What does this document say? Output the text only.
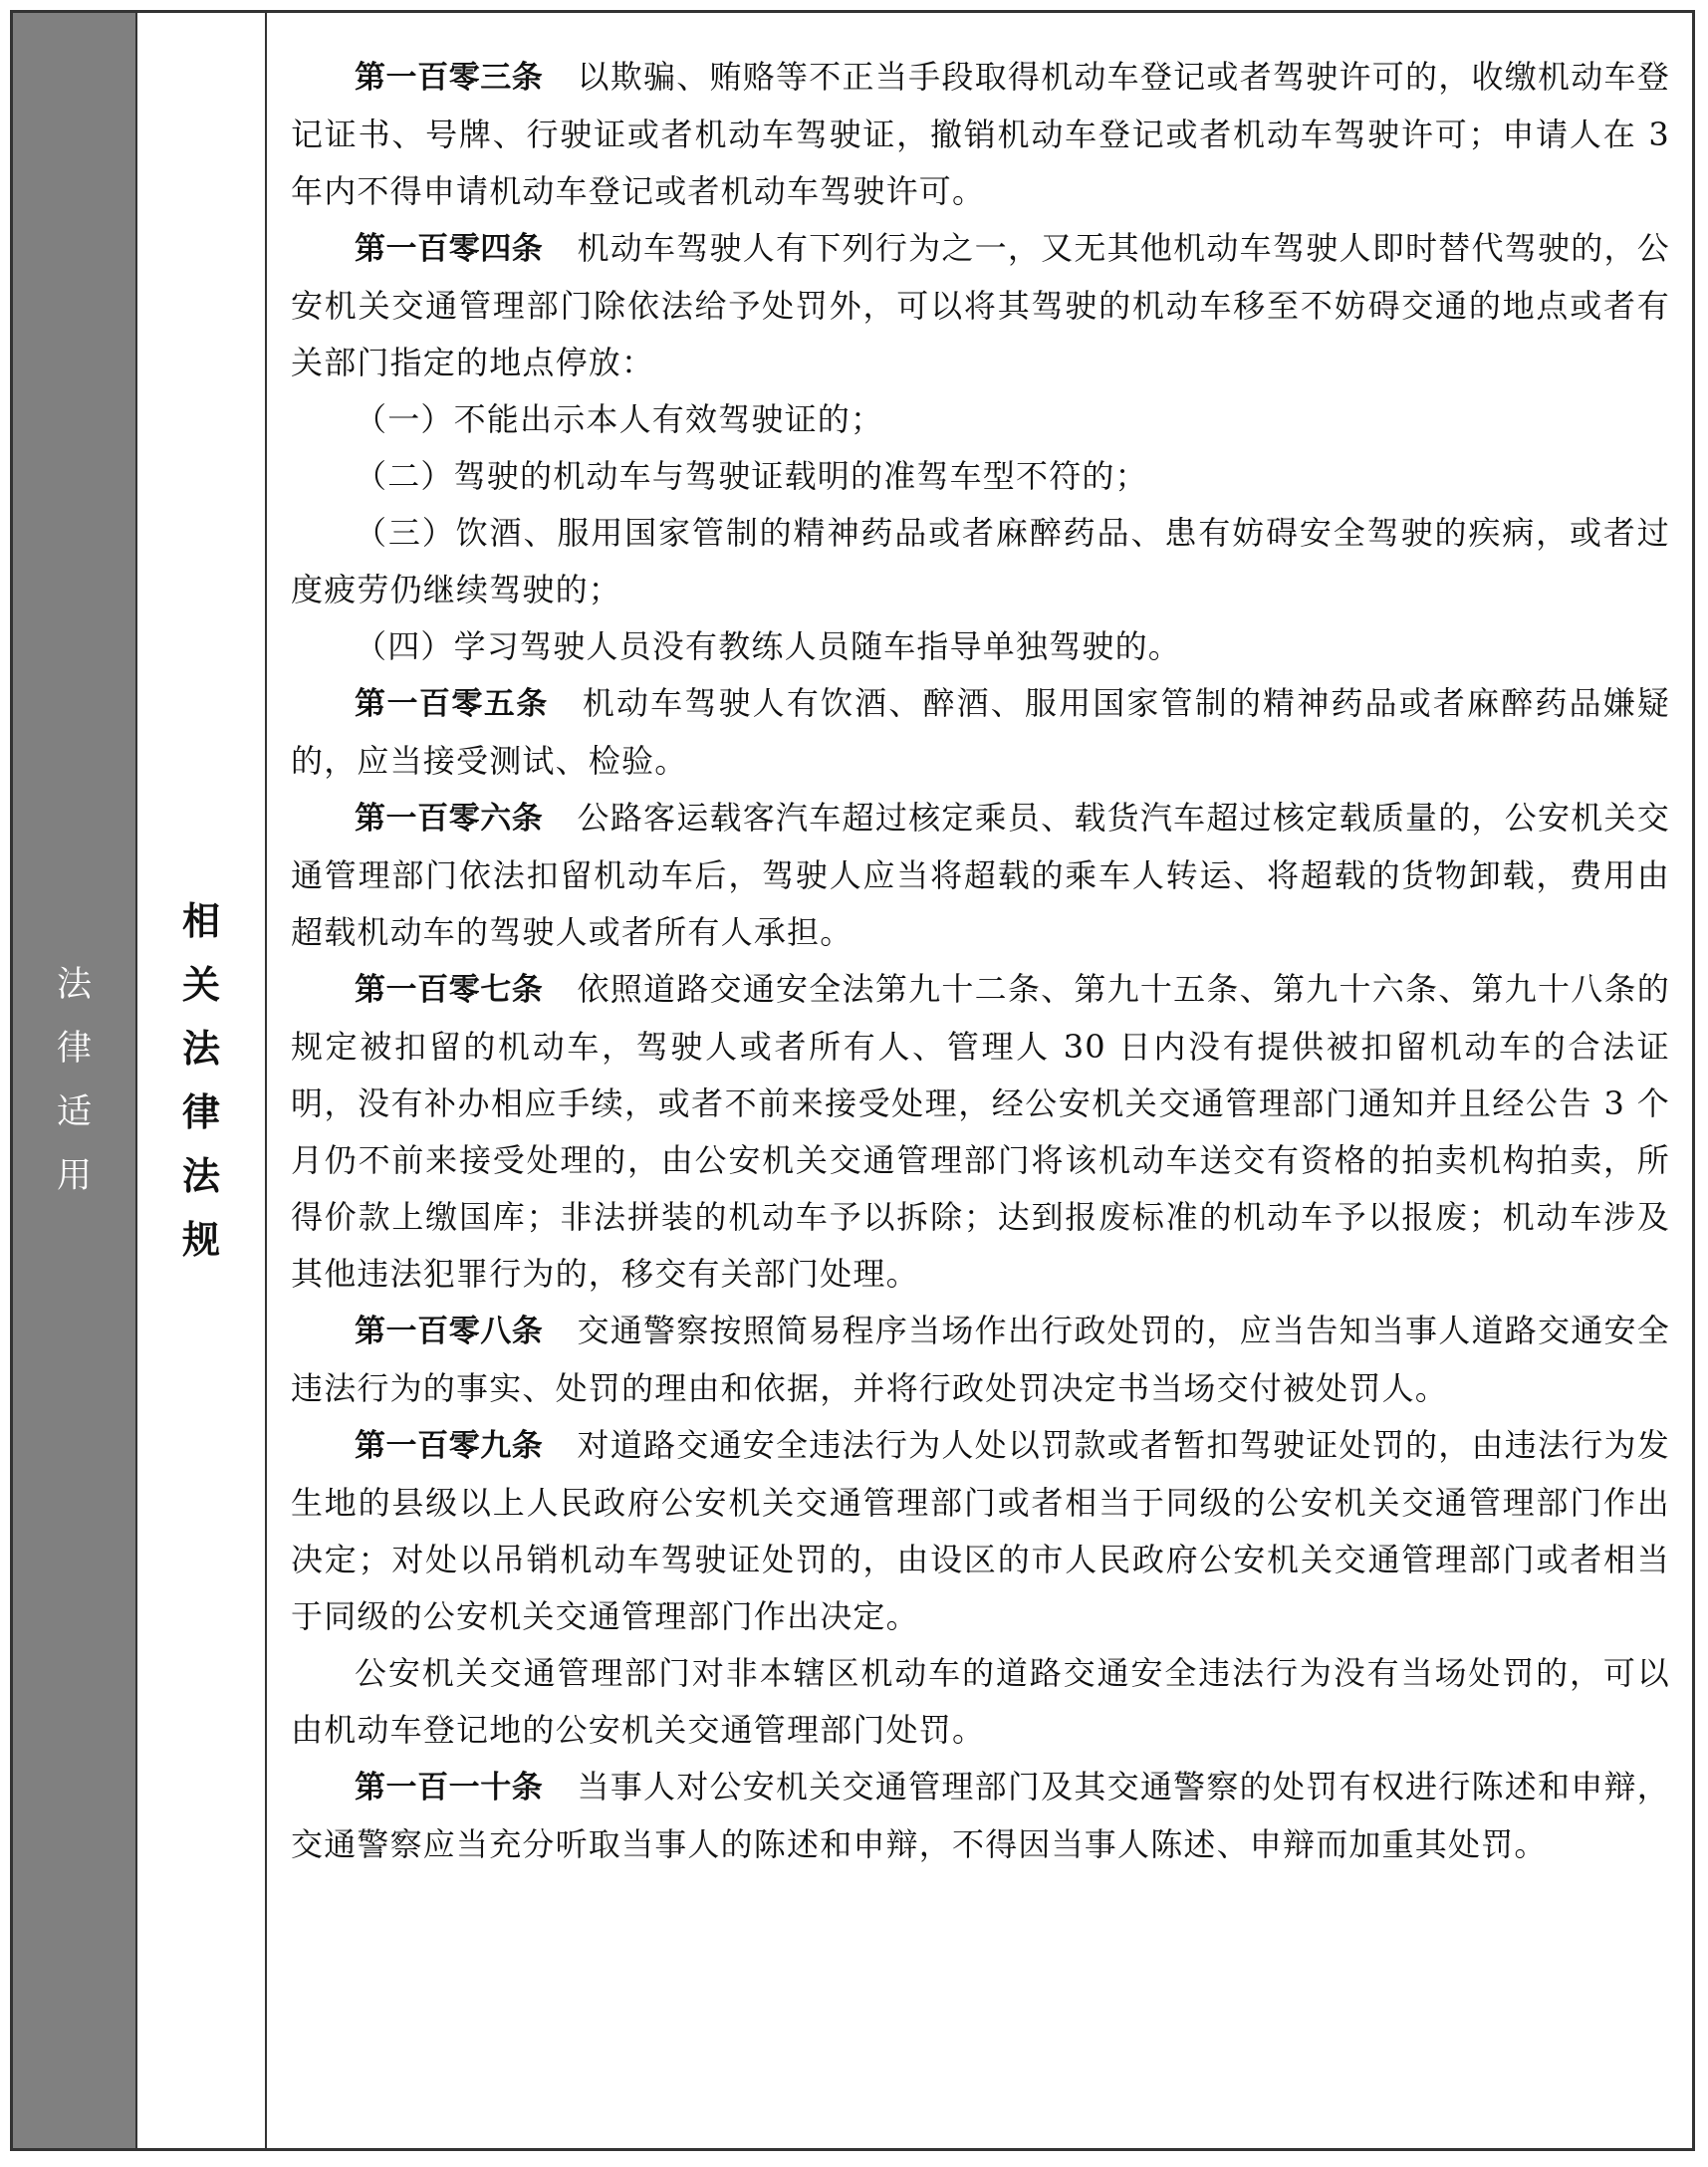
法
律
适
用
相
关
法
律
法
规

第一百零三条 以欺骗、贿赂等不正当手段取得机动车登记或者驾驶许可的，收缴机动车登记证书、号牌、行驶证或者机动车驾驶证，撤销机动车登记或者机动车驾驶许可；申请人在 3 年内不得申请机动车登记或者机动车驾驶许可。

第一百零四条 机动车驾驶人有下列行为之一，又无其他机动车驾驶人即时替代驾驶的，公安机关交通管理部门除依法给予处罚外，可以将其驾驶的机动车移至不妨碍交通的地点或者有关部门指定的地点停放：

（一）不能出示本人有效驾驶证的；

（二）驾驶的机动车与驾驶证载明的准驾车型不符的；

（三）饮酒、服用国家管制的精神药品或者麻醉药品、患有妨碍安全驾驶的疾病，或者过度疲劳仍继续驾驶的；

（四）学习驾驶人员没有教练人员随车指导单独驾驶的。

第一百零五条 机动车驾驶人有饮酒、醉酒、服用国家管制的精神药品或者麻醉药品嫌疑的，应当接受测试、检验。

第一百零六条 公路客运载客汽车超过核定乘员、载货汽车超过核定载质量的，公安机关交通管理部门依法扣留机动车后，驾驶人应当将超载的乘车人转运、将超载的货物卸载，费用由超载机动车的驾驶人或者所有人承担。

第一百零七条 依照道路交通安全法第九十二条、第九十五条、第九十六条、第九十八条的规定被扣留的机动车，驾驶人或者所有人、管理人 30 日内没有提供被扣留机动车的合法证明，没有补办相应手续，或者不前来接受处理，经公安机关交通管理部门通知并且经公告 3 个月仍不前来接受处理的，由公安机关交通管理部门将该机动车送交有资格的拍卖机构拍卖，所得价款上缴国库；非法拼装的机动车予以拆除；达到报废标准的机动车予以报废；机动车涉及其他违法犯罪行为的，移交有关部门处理。

第一百零八条 交通警察按照简易程序当场作出行政处罚的，应当告知当事人道路交通安全违法行为的事实、处罚的理由和依据，并将行政处罚决定书当场交付被处罚人。

第一百零九条 对道路交通安全违法行为人处以罚款或者暂扣驾驶证处罚的，由违法行为发生地的县级以上人民政府公安机关交通管理部门或者相当于同级的公安机关交通管理部门作出决定；对处以吊销机动车驾驶证处罚的，由设区的市人民政府公安机关交通管理部门或者相当于同级的公安机关交通管理部门作出决定。

公安机关交通管理部门对非本辖区机动车的道路交通安全违法行为没有当场处罚的，可以由机动车登记地的公安机关交通管理部门处罚。

第一百一十条 当事人对公安机关交通管理部门及其交通警察的处罚有权进行陈述和申辩，交通警察应当充分听取当事人的陈述和申辩，不得因当事人陈述、申辩而加重其处罚。
